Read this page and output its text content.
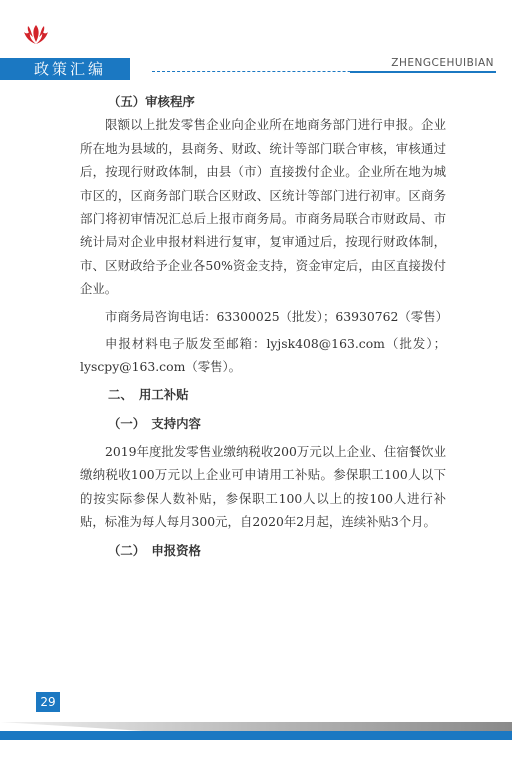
政策汇编	ZHENGCEHUIBIAN

（五）审核程序

限额以上批发零售企业向企业所在地商务部门进行申报。企业所在地为县域的，县商务、财政、统计等部门联合审核，审核通过后，按现行财政体制，由县（市）直接拨付企业。企业所在地为城市区的，区商务部门联合区财政、区统计等部门进行初审。区商务部门将初审情况汇总后上报市商务局。市商务局联合市财政局、市统计局对企业申报材料进行复审，复审通过后，按现行财政体制，市、区财政给予企业各50%资金支持，资金审定后，由区直接拨付企业。

市商务局咨询电话：63300025（批发）；63930762（零售）

申报材料电子版发至邮箱：lyjsk408@163.com（批发）；lyscpy@163.com（零售）。

二、　用工补贴

（一）　支持内容

2019年度批发零售业缴纳税收200万元以上企业、住宿餐饮业缴纳税收100万元以上企业可申请用工补贴。参保职工100人以下的按实际参保人数补贴，参保职工100人以上的按100人进行补贴，标准为每人每月300元，自2020年2月起，连续补贴3个月。

（二）　申报资格

29
